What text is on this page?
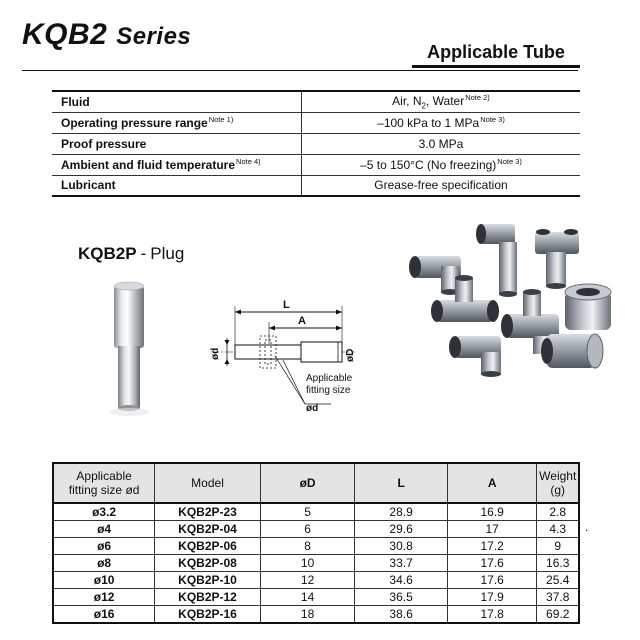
KQB2 Series
Applicable Tube
Fluid	Air, $N_2$, Water$^{Note 2)}$
Operating pressure range$^{Note 1)}$	–100 kPa to 1 MPa$^{Note 3)}$
Proof pressure	3.0 MPa
Ambient and fluid temperature$^{Note 4)}$	–5 to 150°C (No freezing)$^{Note 3)}$
Lubricant	Grease-free specification
KQB2P - Plug
L
A
ød	øD
Applicable
fitting size
ød
Applicable
fitting size ød	Model	øD	L	A	Weight
(g)
ø3.2	KQB2P-23	5	28.9	16.9	2.8
ø4	KQB2P-04	6	29.6	17	4.3
ø6	KQB2P-06	8	30.8	17.2	9
ø8	KQB2P-08	10	33.7	17.6	16.3
ø10	KQB2P-10	12	34.6	17.6	25.4
ø12	KQB2P-12	14	36.5	17.9	37.8
ø16	KQB2P-16	18	38.6	17.8	69.2
.
